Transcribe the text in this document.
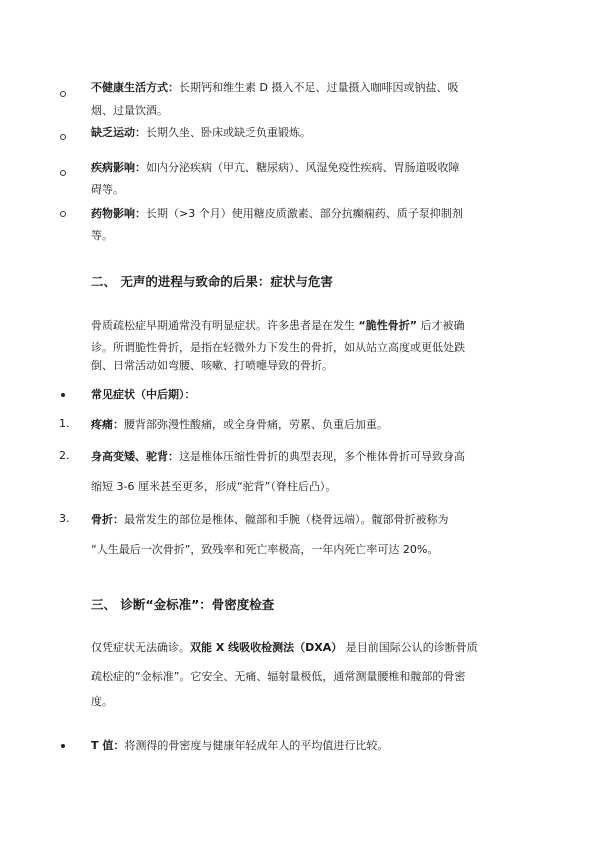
不健康生活方式：长期钙和维生素 D 摄入不足、过量摄入咖啡因或钠盐、吸
烟、过量饮酒。
缺乏运动：长期久坐、卧床或缺乏负重锻炼。
疾病影响：如内分泌疾病（甲亢、糖尿病）、风湿免疫性疾病、胃肠道吸收障
碍等。
药物影响：长期（>3 个月）使用糖皮质激素、部分抗癫痫药、质子泵抑制剂
等。
二、 无声的进程与致命的后果：症状与危害
骨质疏松症早期通常没有明显症状。许多患者是在发生 “脆性骨折” 后才被确
诊。所谓脆性骨折，是指在轻微外力下发生的骨折，如从站立高度或更低处跌
倒、日常活动如弯腰、咳嗽、打喷嚏导致的骨折。
常见症状（中后期）：
1. 疼痛：腰背部弥漫性酸痛，或全身骨痛，劳累、负重后加重。
2. 身高变矮、驼背：这是椎体压缩性骨折的典型表现，多个椎体骨折可导致身高
缩短 3-6 厘米甚至更多，形成“驼背”（脊柱后凸）。
3. 骨折：最常发生的部位是椎体、髋部和手腕（桡骨远端）。髋部骨折被称为
“人生最后一次骨折”，致残率和死亡率极高，一年内死亡率可达 20%。
三、 诊断“金标准”：骨密度检查
仅凭症状无法确诊。双能 X 线吸收检测法（DXA） 是目前国际公认的诊断骨质
疏松症的“金标准”。它安全、无痛、辐射量极低，通常测量腰椎和髋部的骨密
度。
T 值：将测得的骨密度与健康年轻成年人的平均值进行比较。
